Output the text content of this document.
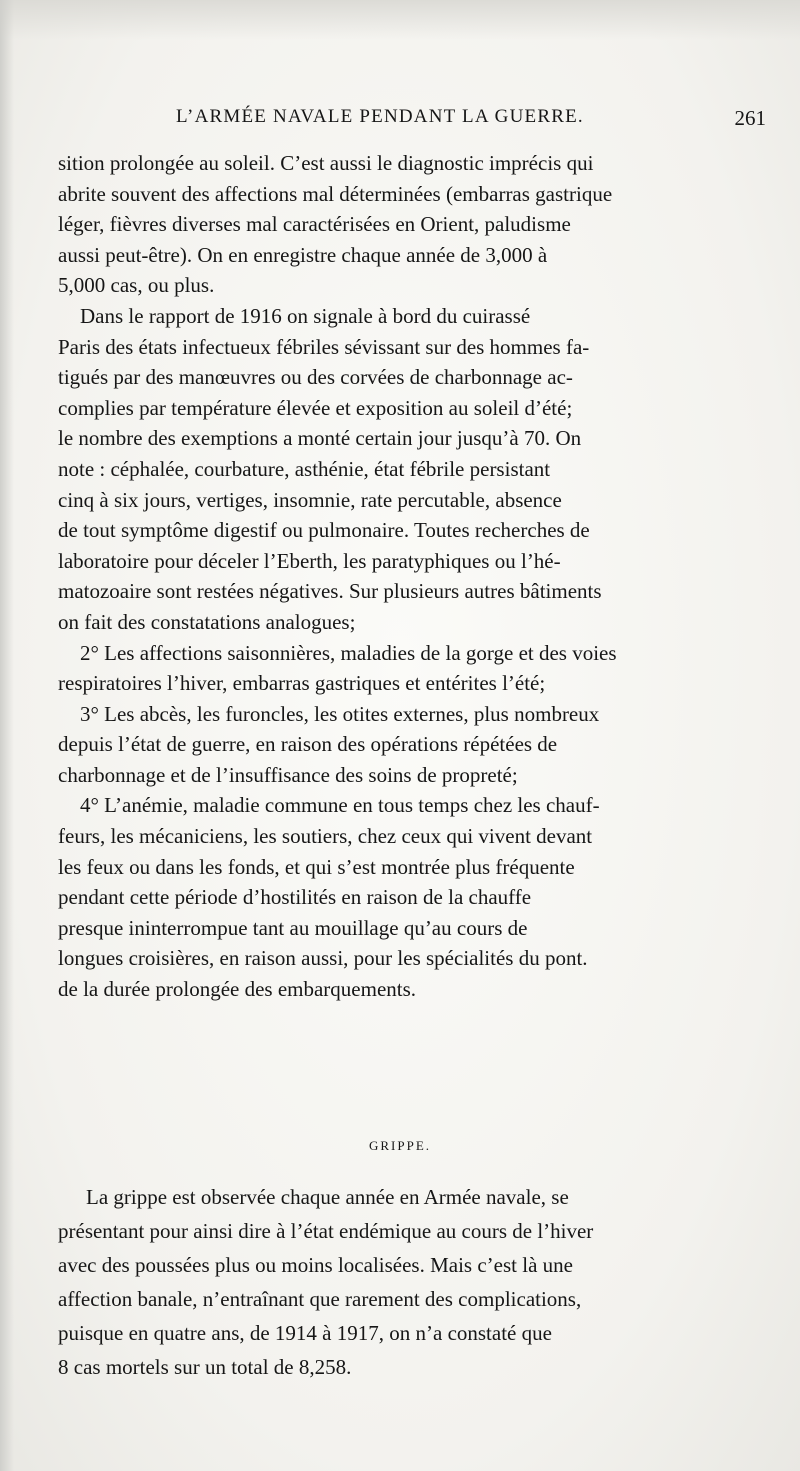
L’ARMÉE NAVALE PENDANT LA GUERRE.	261
sition prolongée au soleil. C’est aussi le diagnostic imprécis qui
abrite souvent des affections mal déterminées (embarras gastrique
léger, fièvres diverses mal caractérisées en Orient, paludisme
aussi peut-être). On en enregistre chaque année de 3,000 à
5,000 cas, ou plus.
Dans le rapport de 1916 on signale à bord du cuirassé
Paris des états infectueux fébriles sévissant sur des hommes fa-
tigués par des manœuvres ou des corvées de charbonnage ac-
complies par température élevée et exposition au soleil d’été;
le nombre des exemptions a monté certain jour jusqu’à 70. On
note : céphalée, courbature, asthénie, état fébrile persistant
cinq à six jours, vertiges, insomnie, rate percutable, absence
de tout symptôme digestif ou pulmonaire. Toutes recherches de
laboratoire pour déceler l’Eberth, les paratyphiques ou l’hé-
matozoaire sont restées négatives. Sur plusieurs autres bâtiments
on fait des constatations analogues;
2° Les affections saisonnières, maladies de la gorge et des voies
respiratoires l’hiver, embarras gastriques et entérites l’été;
3° Les abcès, les furoncles, les otites externes, plus nombreux
depuis l’état de guerre, en raison des opérations répétées de
charbonnage et de l’insuffisance des soins de propreté;
4° L’anémie, maladie commune en tous temps chez les chauf-
feurs, les mécaniciens, les soutiers, chez ceux qui vivent devant
les feux ou dans les fonds, et qui s’est montrée plus fréquente
pendant cette période d’hostilités en raison de la chauffe
presque ininterrompue tant au mouillage qu’au cours de
longues croisières, en raison aussi, pour les spécialités du pont.
de la durée prolongée des embarquements.
GRIPPE.
La grippe est observée chaque année en Armée navale, se
présentant pour ainsi dire à l’état endémique au cours de l’hiver
avec des poussées plus ou moins localisées. Mais c’est là une
affection banale, n’entraînant que rarement des complications,
puisque en quatre ans, de 1914 à 1917, on n’a constaté que
8 cas mortels sur un total de 8,258.
